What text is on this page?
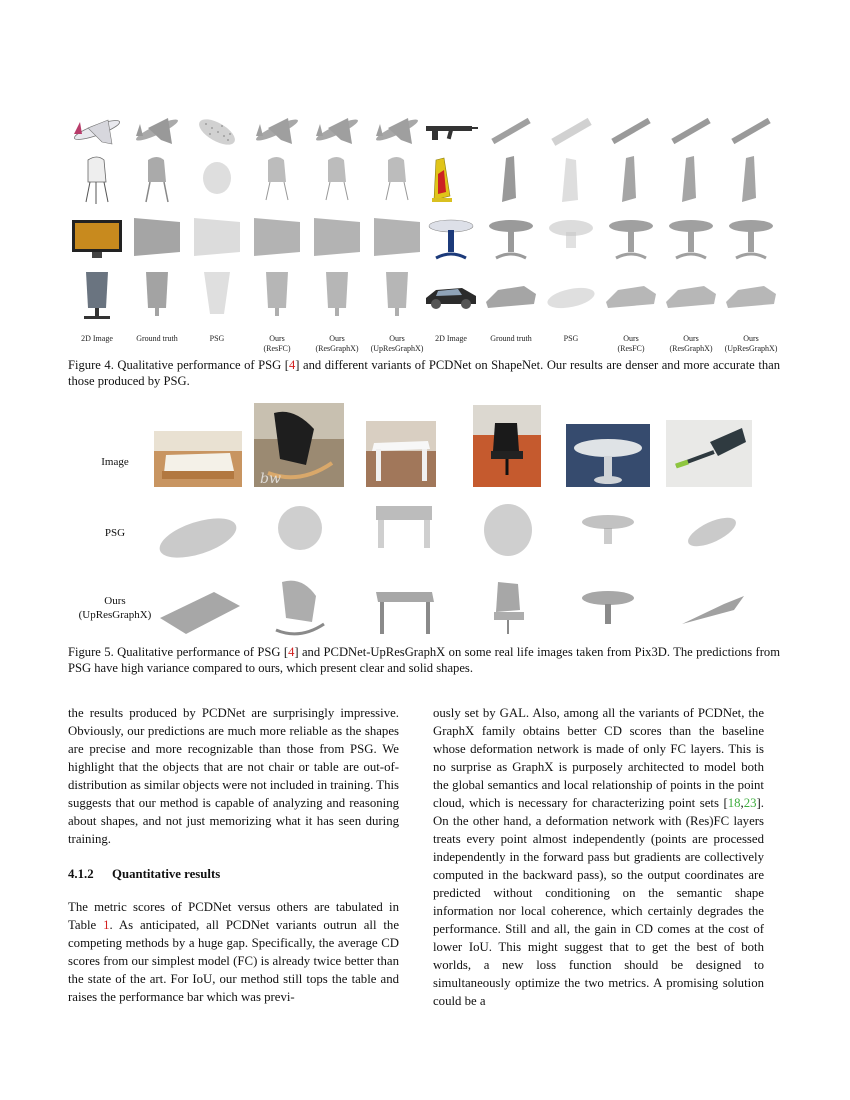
2D Image	Ground truth	PSG	Ours
(ResFC)
Ours
(ResGraphX)
Ours
(UpResGraphX)
2D Image	Ground truth	PSG	Ours
(ResFC)
Ours
(ResGraphX)
Ours
(UpResGraphX)
Figure 4. Qualitative performance of PSG [4] and different variants of PCDNet on ShapeNet. Our results are denser and more accurate than those produced by PSG.
Image
PSG
Ours
(UpResGraphX)
bw
Figure 5. Qualitative performance of PSG [4] and PCDNet-UpResGraphX on some real life images taken from Pix3D. The predictions from PSG have high variance compared to ours, which present clear and solid shapes.

the results produced by PCDNet are surprisingly impressive. Obviously, our predictions are much more reliable as the shapes are precise and more recognizable than those from PSG. We highlight that the objects that are not chair or table are out-of-distribution as similar objects were not included in training. This suggests that our method is capable of analyzing and reasoning about shapes, and not just memorizing what it has seen during training.

4.1.2 Quantitative results

The metric scores of PCDNet versus others are tabulated in Table 1. As anticipated, all PCDNet variants outrun all the competing methods by a huge gap. Specifically, the average CD scores from our simplest model (FC) is already twice better than the state of the art. For IoU, our method still tops the table and raises the performance bar which was previ-

ously set by GAL. Also, among all the variants of PCDNet, the GraphX family obtains better CD scores than the baseline whose deformation network is made of only FC layers. This is no surprise as GraphX is purposely architected to model both the global semantics and local relationship of points in the point cloud, which is necessary for characterizing point sets [18,23]. On the other hand, a deformation network with (Res)FC layers treats every point almost independently (points are processed independently in the forward pass but gradients are collectively computed in the backward pass), so the output coordinates are predicted without conditioning on the semantic shape information nor local coherence, which certainly degrades the performance. Still and all, the gain in CD comes at the cost of lower IoU. This might suggest that to get the best of both worlds, a new loss function should be designed to simultaneously optimize the two metrics. A promising solution could be a
